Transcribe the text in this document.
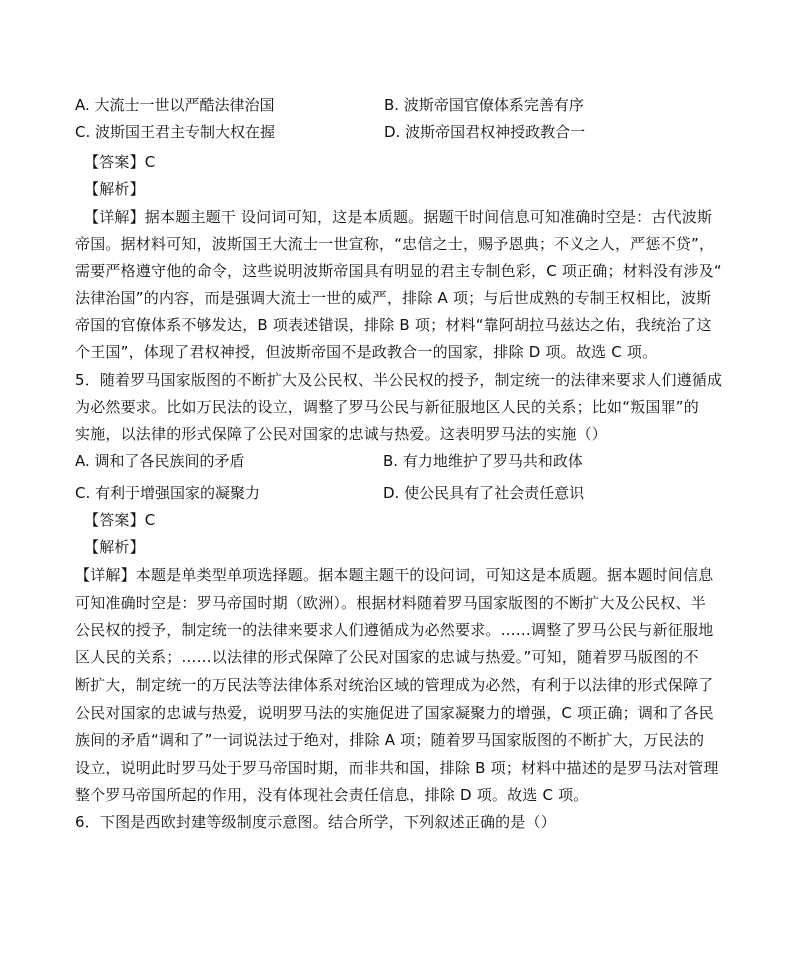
A. 大流士一世以严酷法律治国	B. 波斯帝国官僚体系完善有序
C. 波斯国王君主专制大权在握	D. 波斯帝国君权神授政教合一
【答案】C
【解析】
【详解】据本题主题干 设问词可知，这是本质题。据题干时间信息可知准确时空是：古代波斯
帝国。据材料可知，波斯国王大流士一世宣称，“忠信之士，赐予恩典；不义之人，严惩不贷”，
需要严格遵守他的命令，这些说明波斯帝国具有明显的君主专制色彩，C 项正确；材料没有涉及“
法律治国”的内容，而是强调大流士一世的威严，排除 A 项；与后世成熟的专制王权相比，波斯
帝国的官僚体系不够发达，B 项表述错误，排除 B 项；材料“靠阿胡拉马兹达之佑，我统治了这
个王国”，体现了君权神授，但波斯帝国不是政教合一的国家，排除 D 项。故选 C 项。
5．随着罗马国家版图的不断扩大及公民权、半公民权的授予，制定统一的法律来要求人们遵循成
为必然要求。比如万民法的设立，调整了罗马公民与新征服地区人民的关系；比如“叛国罪”的
实施，以法律的形式保障了公民对国家的忠诚与热爱。这表明罗马法的实施（）
A. 调和了各民族间的矛盾	B. 有力地维护了罗马共和政体
C. 有利于增强国家的凝聚力	D. 使公民具有了社会责任意识
【答案】C
【解析】
【详解】本题是单类型单项选择题。据本题主题干的设问词，可知这是本质题。据本题时间信息
可知准确时空是：罗马帝国时期（欧洲）。根据材料随着罗马国家版图的不断扩大及公民权、半
公民权的授予，制定统一的法律来要求人们遵循成为必然要求。……调整了罗马公民与新征服地
区人民的关系；……以法律的形式保障了公民对国家的忠诚与热爱。”可知，随着罗马版图的不
断扩大，制定统一的万民法等法律体系对统治区域的管理成为必然，有利于以法律的形式保障了
公民对国家的忠诚与热爱，说明罗马法的实施促进了国家凝聚力的增强，C 项正确；调和了各民
族间的矛盾“调和了”一词说法过于绝对，排除 A 项；随着罗马国家版图的不断扩大，万民法的
设立，说明此时罗马处于罗马帝国时期，而非共和国，排除 B 项；材料中描述的是罗马法对管理
整个罗马帝国所起的作用，没有体现社会责任信息，排除 D 项。故选 C 项。
6．下图是西欧封建等级制度示意图。结合所学，下列叙述正确的是（）
